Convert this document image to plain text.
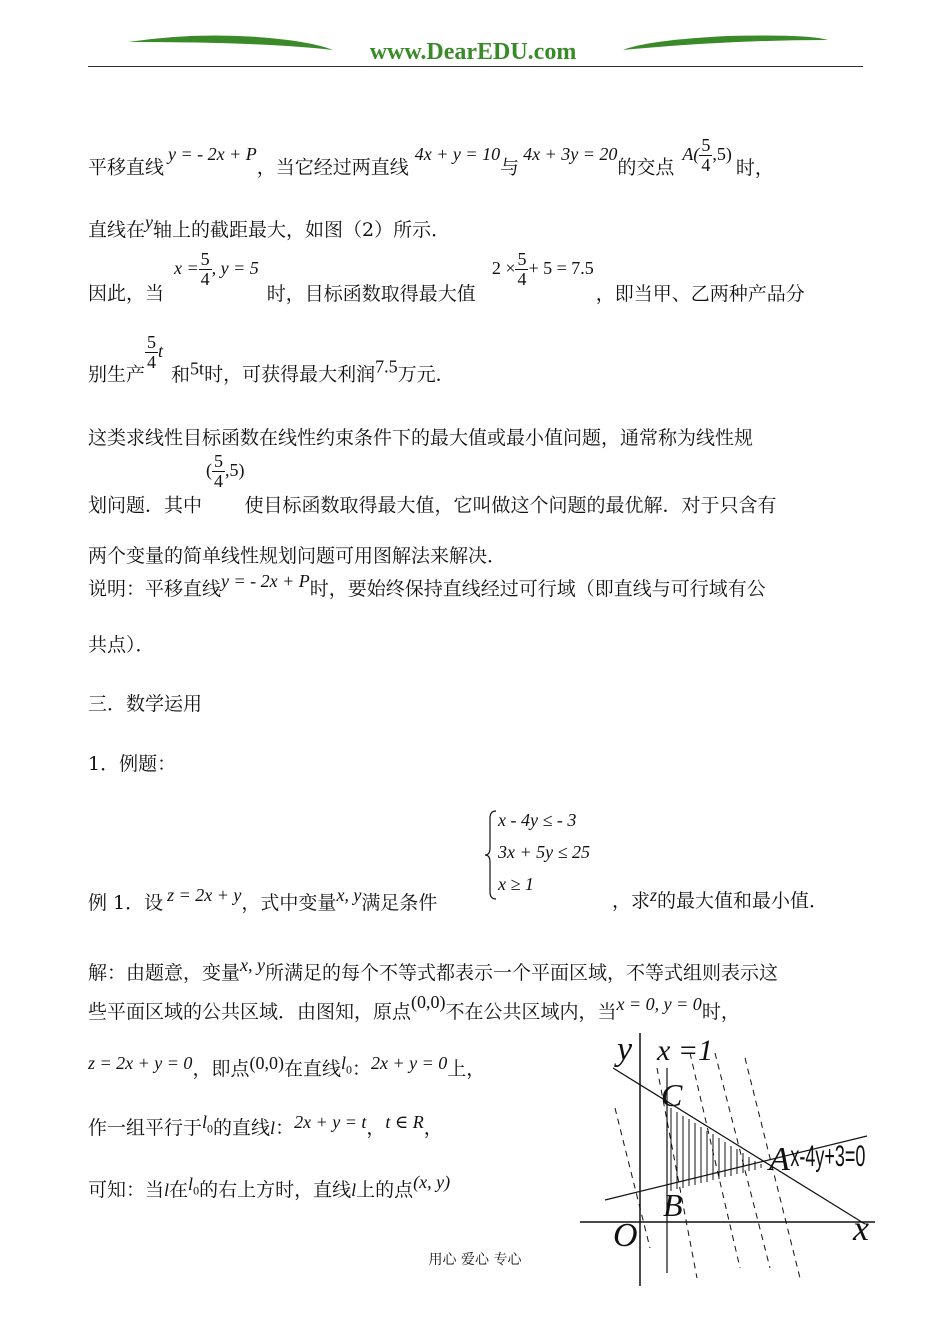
www.DearEDU.com
平移直线y = - 2x + P，当它经过两直线4x + y = 10与4x + 3y = 20的交点$A( \frac{5}{4} ,5)$时，
直线在y轴上的截距最大，如图（2）所示．
因此，当$x = \frac{5}{4}$ , y = 5时，目标函数取得最大值$2 \times \frac{5}{4} + 5 = 7.5$，即当甲、乙两种产品分
别生产
$\frac{5}{4}$ t和5t时，可获得最大利润7.5万元．
这类求线性目标函数在线性约束条件下的最大值或最小值问题，通常称为线性规
划问题．其中( $\frac{5}{4} ,5$)使目标函数取得最大值，它叫做这个问题的最优解．对于只含有
两个变量的简单线性规划问题可用图解法来解决．
说明：平移直线y = - 2x + P时，要始终保持直线经过可行域（即直线与可行域有公
共点）．
三．数学运用
1．例题：
例 1．设 z = 2x + y，式中变量x, y满足条件
x - 4y ≤ - 3
3x + 5y ≤ 25
x ≥ 1
，求z的最大值和最小值．
解：由题意，变量x, y所满足的每个不等式都表示一个平面区域，不等式组则表示这
些平面区域的公共区域．由图知，原点(0,0)不在公共区域内，当x = 0, y = 0时，
z = 2x + y = 0，即点(0,0)在直线$l_0$：2x + y = 0上，
作一组平行于$l_0$的直线l：2x + y = t，t ∈ R，
可知：当l在$l_0$的右上方时，直线l上的点(x, y)
y x =1
C
A x-4y+3=0
B
O	x
用心 爱心 专心
